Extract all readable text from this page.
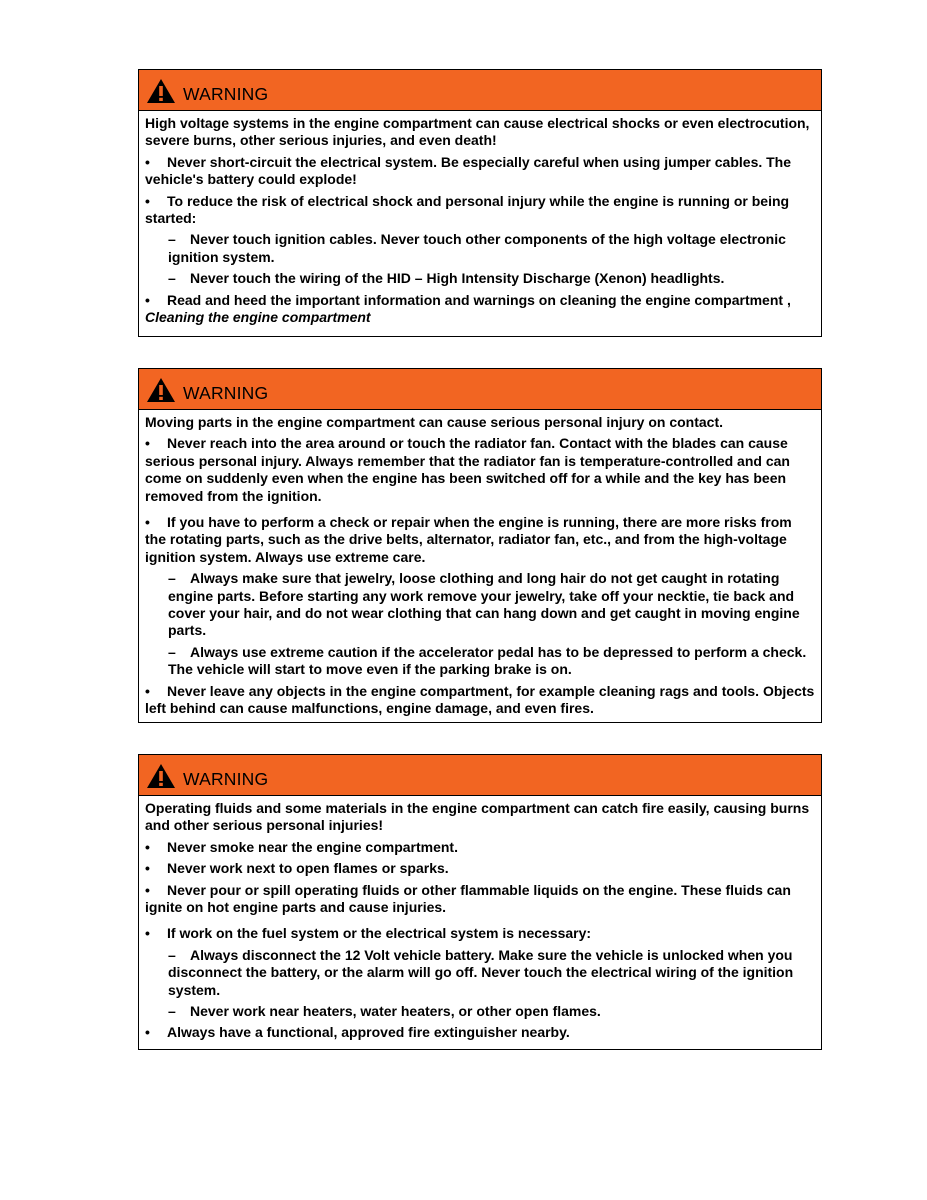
WARNING

High voltage systems in the engine compartment can cause electrical shocks or even electrocution, severe burns, other serious injuries, and even death!

• Never short-circuit the electrical system. Be especially careful when using jumper cables. The vehicle's battery could explode!

• To reduce the risk of electrical shock and personal injury while the engine is running or being started:

– Never touch ignition cables. Never touch other components of the high voltage electronic ignition system.

– Never touch the wiring of the HID – High Intensity Discharge (Xenon) headlights.

• Read and heed the important information and warnings on cleaning the engine compartment , Cleaning the engine compartment

WARNING

Moving parts in the engine compartment can cause serious personal injury on contact.

• Never reach into the area around or touch the radiator fan. Contact with the blades can cause serious personal injury. Always remember that the radiator fan is temperature-controlled and can come on suddenly even when the engine has been switched off for a while and the key has been removed from the ignition.

• If you have to perform a check or repair when the engine is running, there are more risks from the rotating parts, such as the drive belts, alternator, radiator fan, etc., and from the high-voltage ignition system. Always use extreme care.

– Always make sure that jewelry, loose clothing and long hair do not get caught in rotating engine parts. Before starting any work remove your jewelry, take off your necktie, tie back and cover your hair, and do not wear clothing that can hang down and get caught in moving engine parts.

– Always use extreme caution if the accelerator pedal has to be depressed to perform a check. The vehicle will start to move even if the parking brake is on.

• Never leave any objects in the engine compartment, for example cleaning rags and tools. Objects left behind can cause malfunctions, engine damage, and even fires.

WARNING

Operating fluids and some materials in the engine compartment can catch fire easily, causing burns and other serious personal injuries!

• Never smoke near the engine compartment.

• Never work next to open flames or sparks.

• Never pour or spill operating fluids or other flammable liquids on the engine. These fluids can ignite on hot engine parts and cause injuries.

• If work on the fuel system or the electrical system is necessary:

– Always disconnect the 12 Volt vehicle battery. Make sure the vehicle is unlocked when you disconnect the battery, or the alarm will go off. Never touch the electrical wiring of the ignition system.

– Never work near heaters, water heaters, or other open flames.

• Always have a functional, approved fire extinguisher nearby.
